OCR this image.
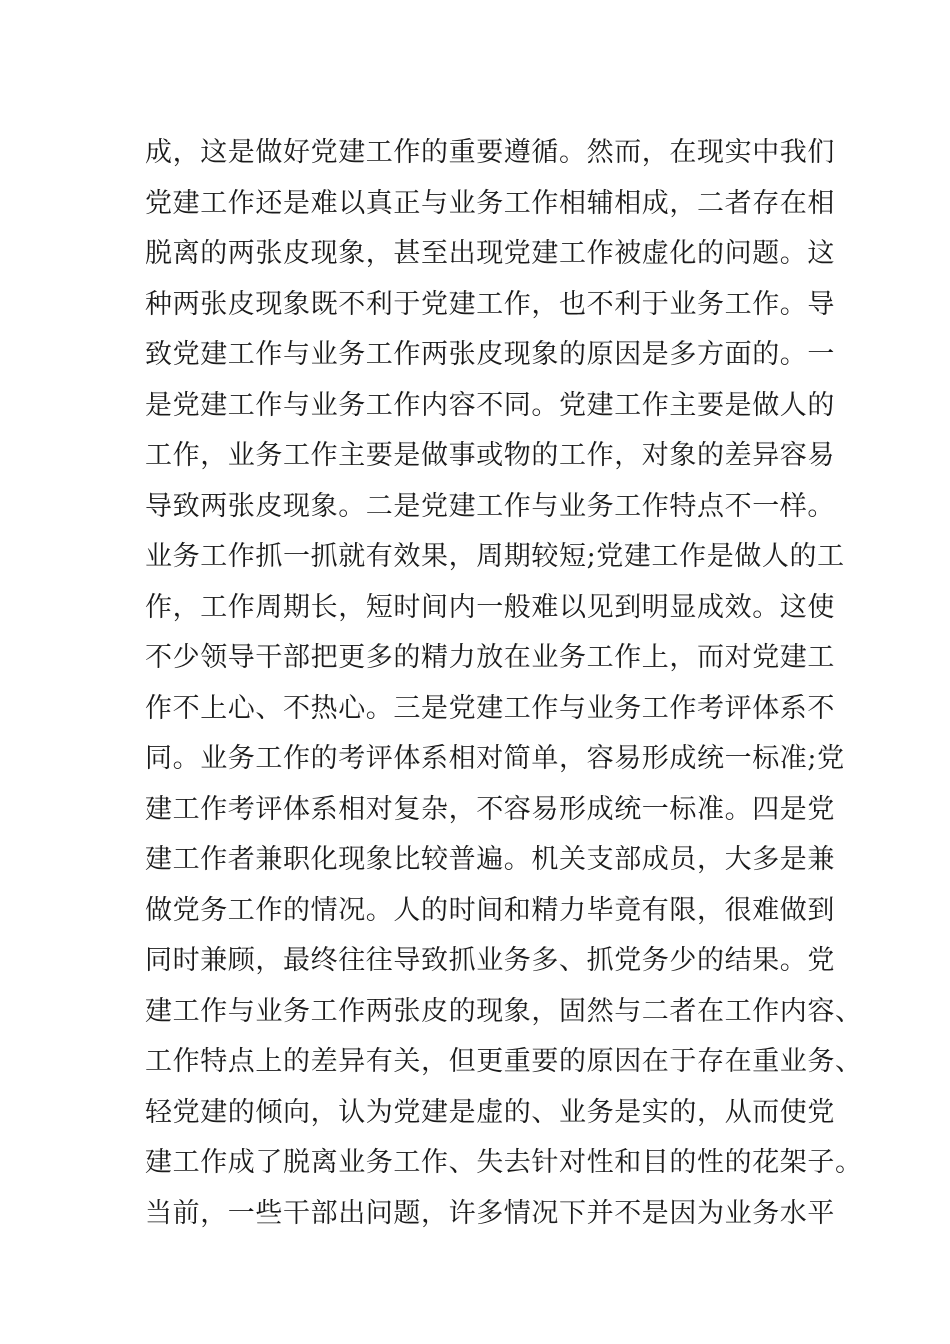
成，这是做好党建工作的重要遵循。然而，在现实中我们
党建工作还是难以真正与业务工作相辅相成，二者存在相
脱离的两张皮现象，甚至出现党建工作被虚化的问题。这
种两张皮现象既不利于党建工作，也不利于业务工作。导
致党建工作与业务工作两张皮现象的原因是多方面的。一
是党建工作与业务工作内容不同。党建工作主要是做人的
工作，业务工作主要是做事或物的工作，对象的差异容易
导致两张皮现象。二是党建工作与业务工作特点不一样。
业务工作抓一抓就有效果，周期较短;党建工作是做人的工
作，工作周期长，短时间内一般难以见到明显成效。这使
不少领导干部把更多的精力放在业务工作上，而对党建工
作不上心、不热心。三是党建工作与业务工作考评体系不
同。业务工作的考评体系相对简单，容易形成统一标准;党
建工作考评体系相对复杂，不容易形成统一标准。四是党
建工作者兼职化现象比较普遍。机关支部成员，大多是兼
做党务工作的情况。人的时间和精力毕竟有限，很难做到
同时兼顾，最终往往导致抓业务多、抓党务少的结果。党
建工作与业务工作两张皮的现象，固然与二者在工作内容、
工作特点上的差异有关，但更重要的原因在于存在重业务、
轻党建的倾向，认为党建是虚的、业务是实的，从而使党
建工作成了脱离业务工作、失去针对性和目的性的花架子。
当前，一些干部出问题，许多情况下并不是因为业务水平
